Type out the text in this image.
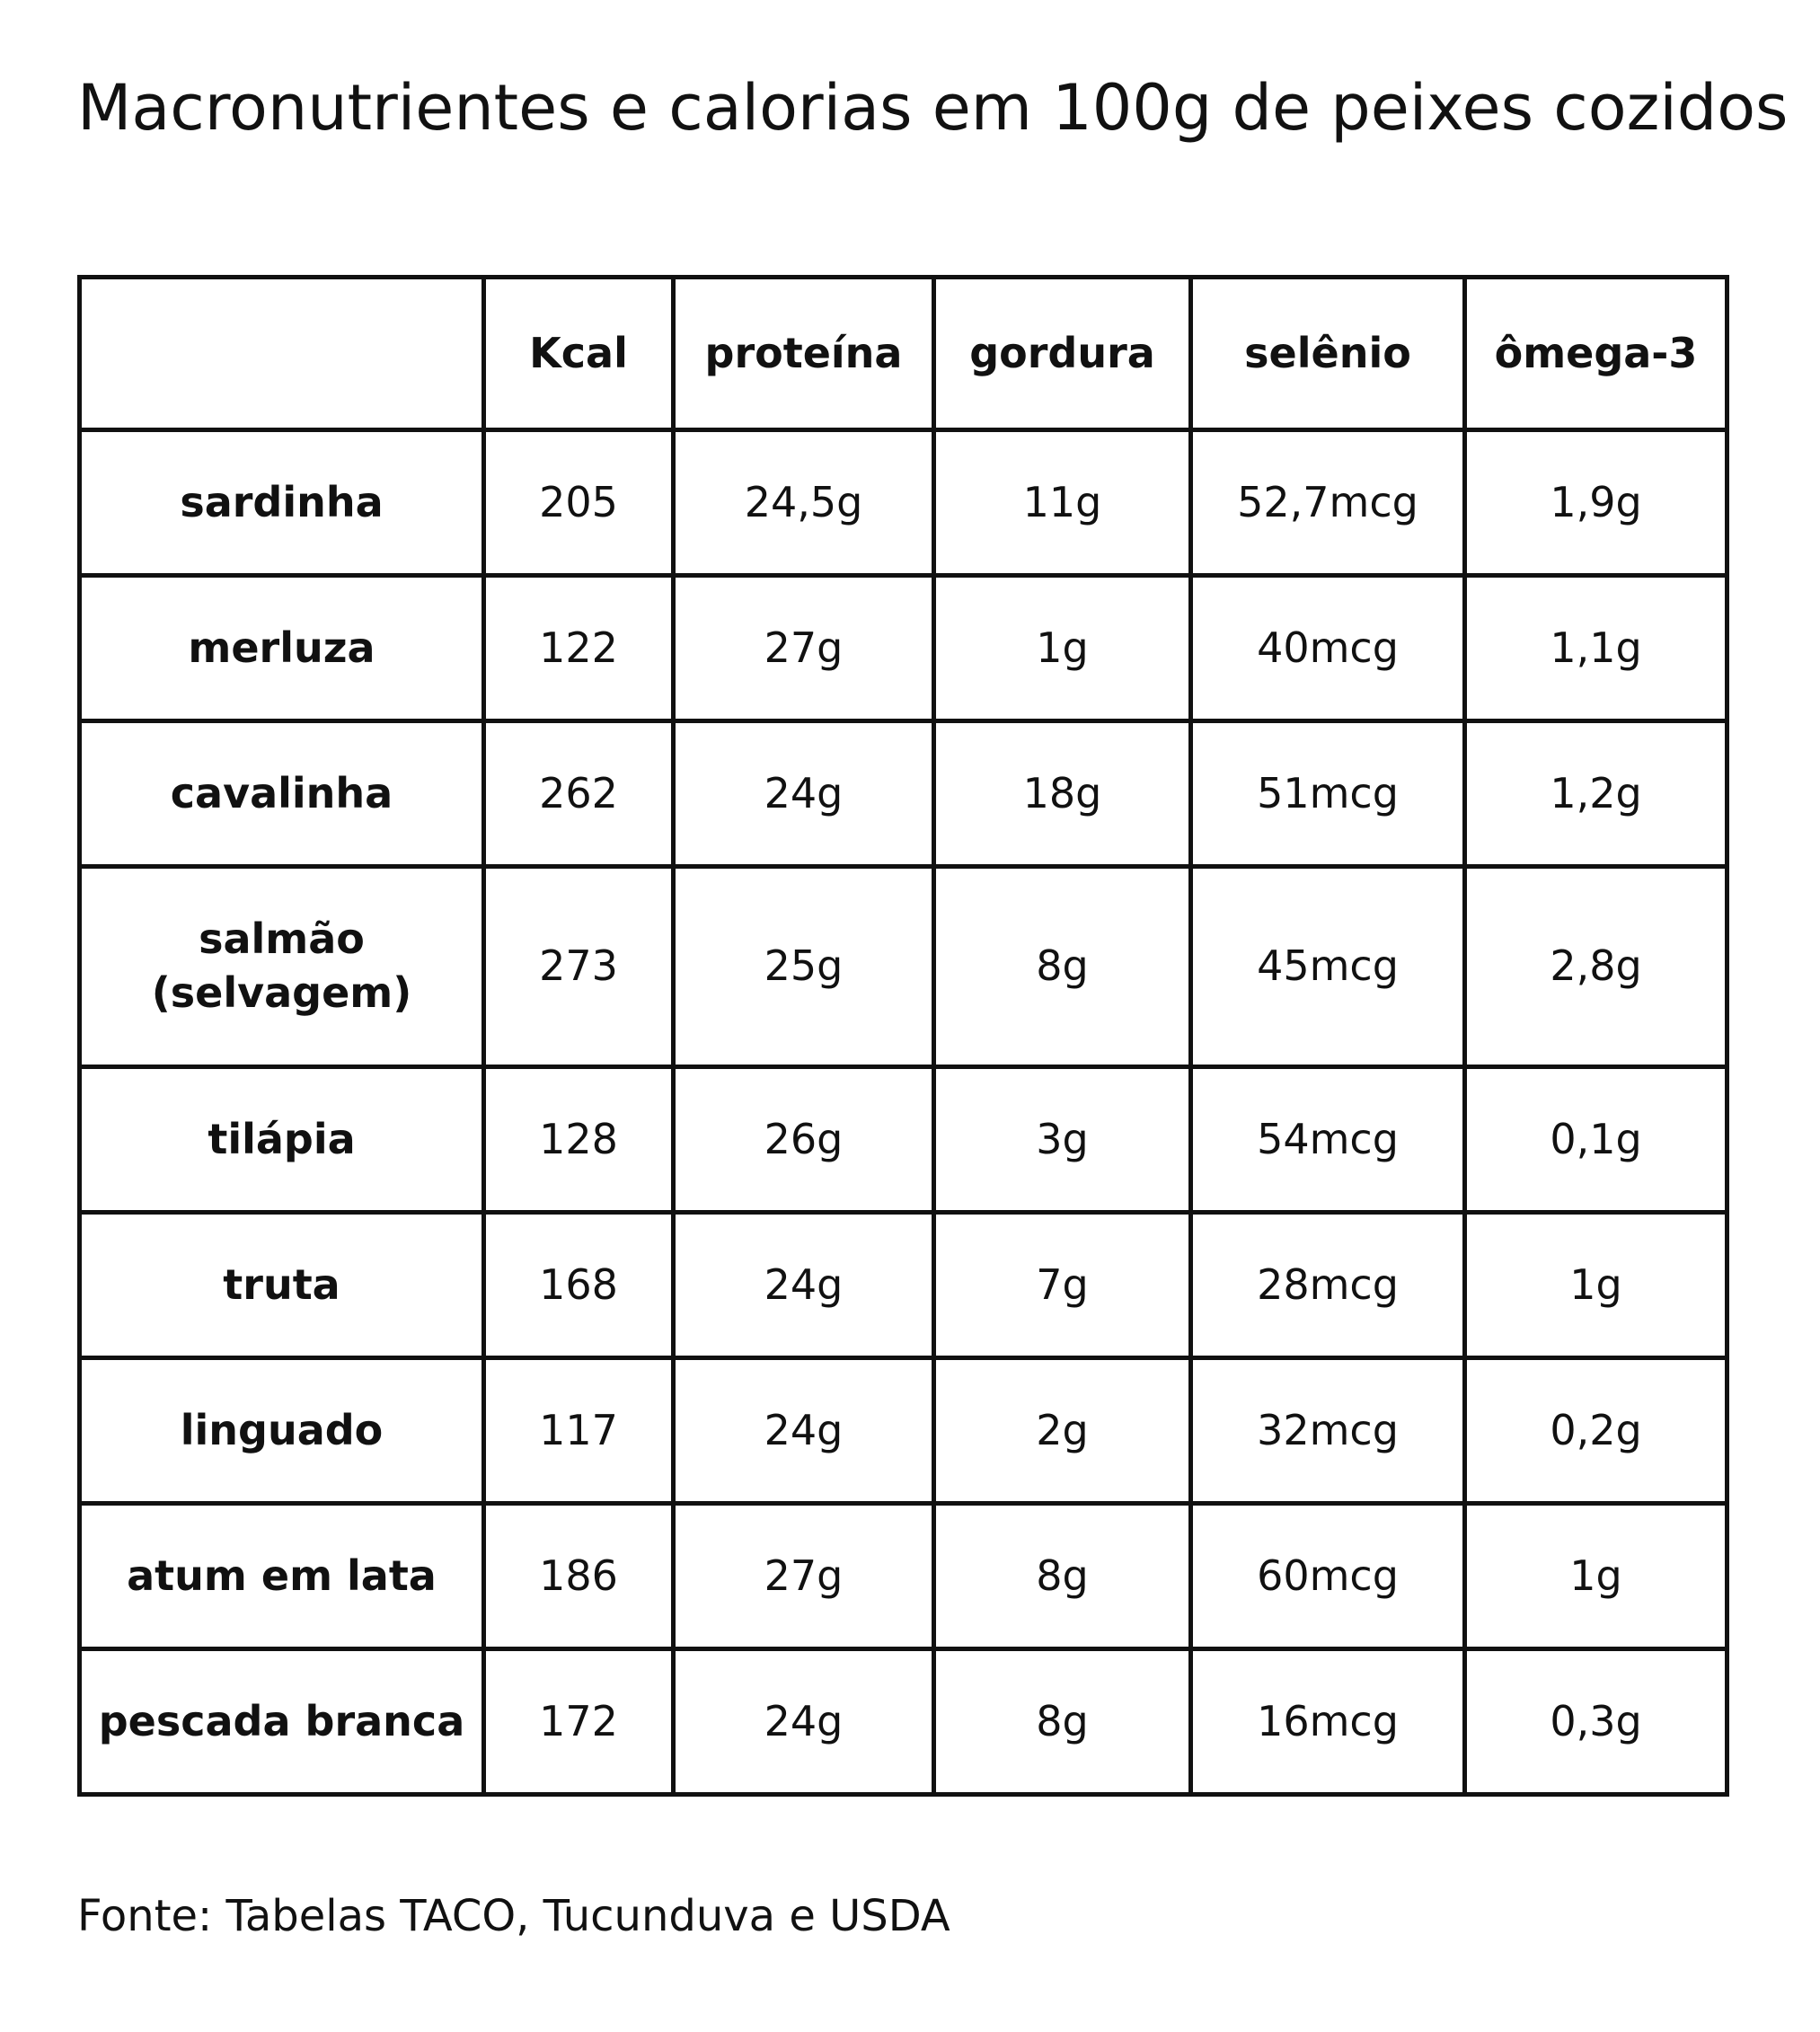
Macronutrientes e calorias em 100g de peixes cozidos
	Kcal	proteína	gordura	selênio	ômega-3
sardinha	205	24,5g	11g	52,7mcg	1,9g
merluza	122	27g	1g	40mcg	1,1g
cavalinha	262	24g	18g	51mcg	1,2g
salmão (selvagem)	273	25g	8g	45mcg	2,8g
tilápia	128	26g	3g	54mcg	0,1g
truta	168	24g	7g	28mcg	1g
linguado	117	24g	2g	32mcg	0,2g
atum em lata	186	27g	8g	60mcg	1g
pescada branca	172	24g	8g	16mcg	0,3g

Fonte: Tabelas TACO, Tucunduva e USDA
